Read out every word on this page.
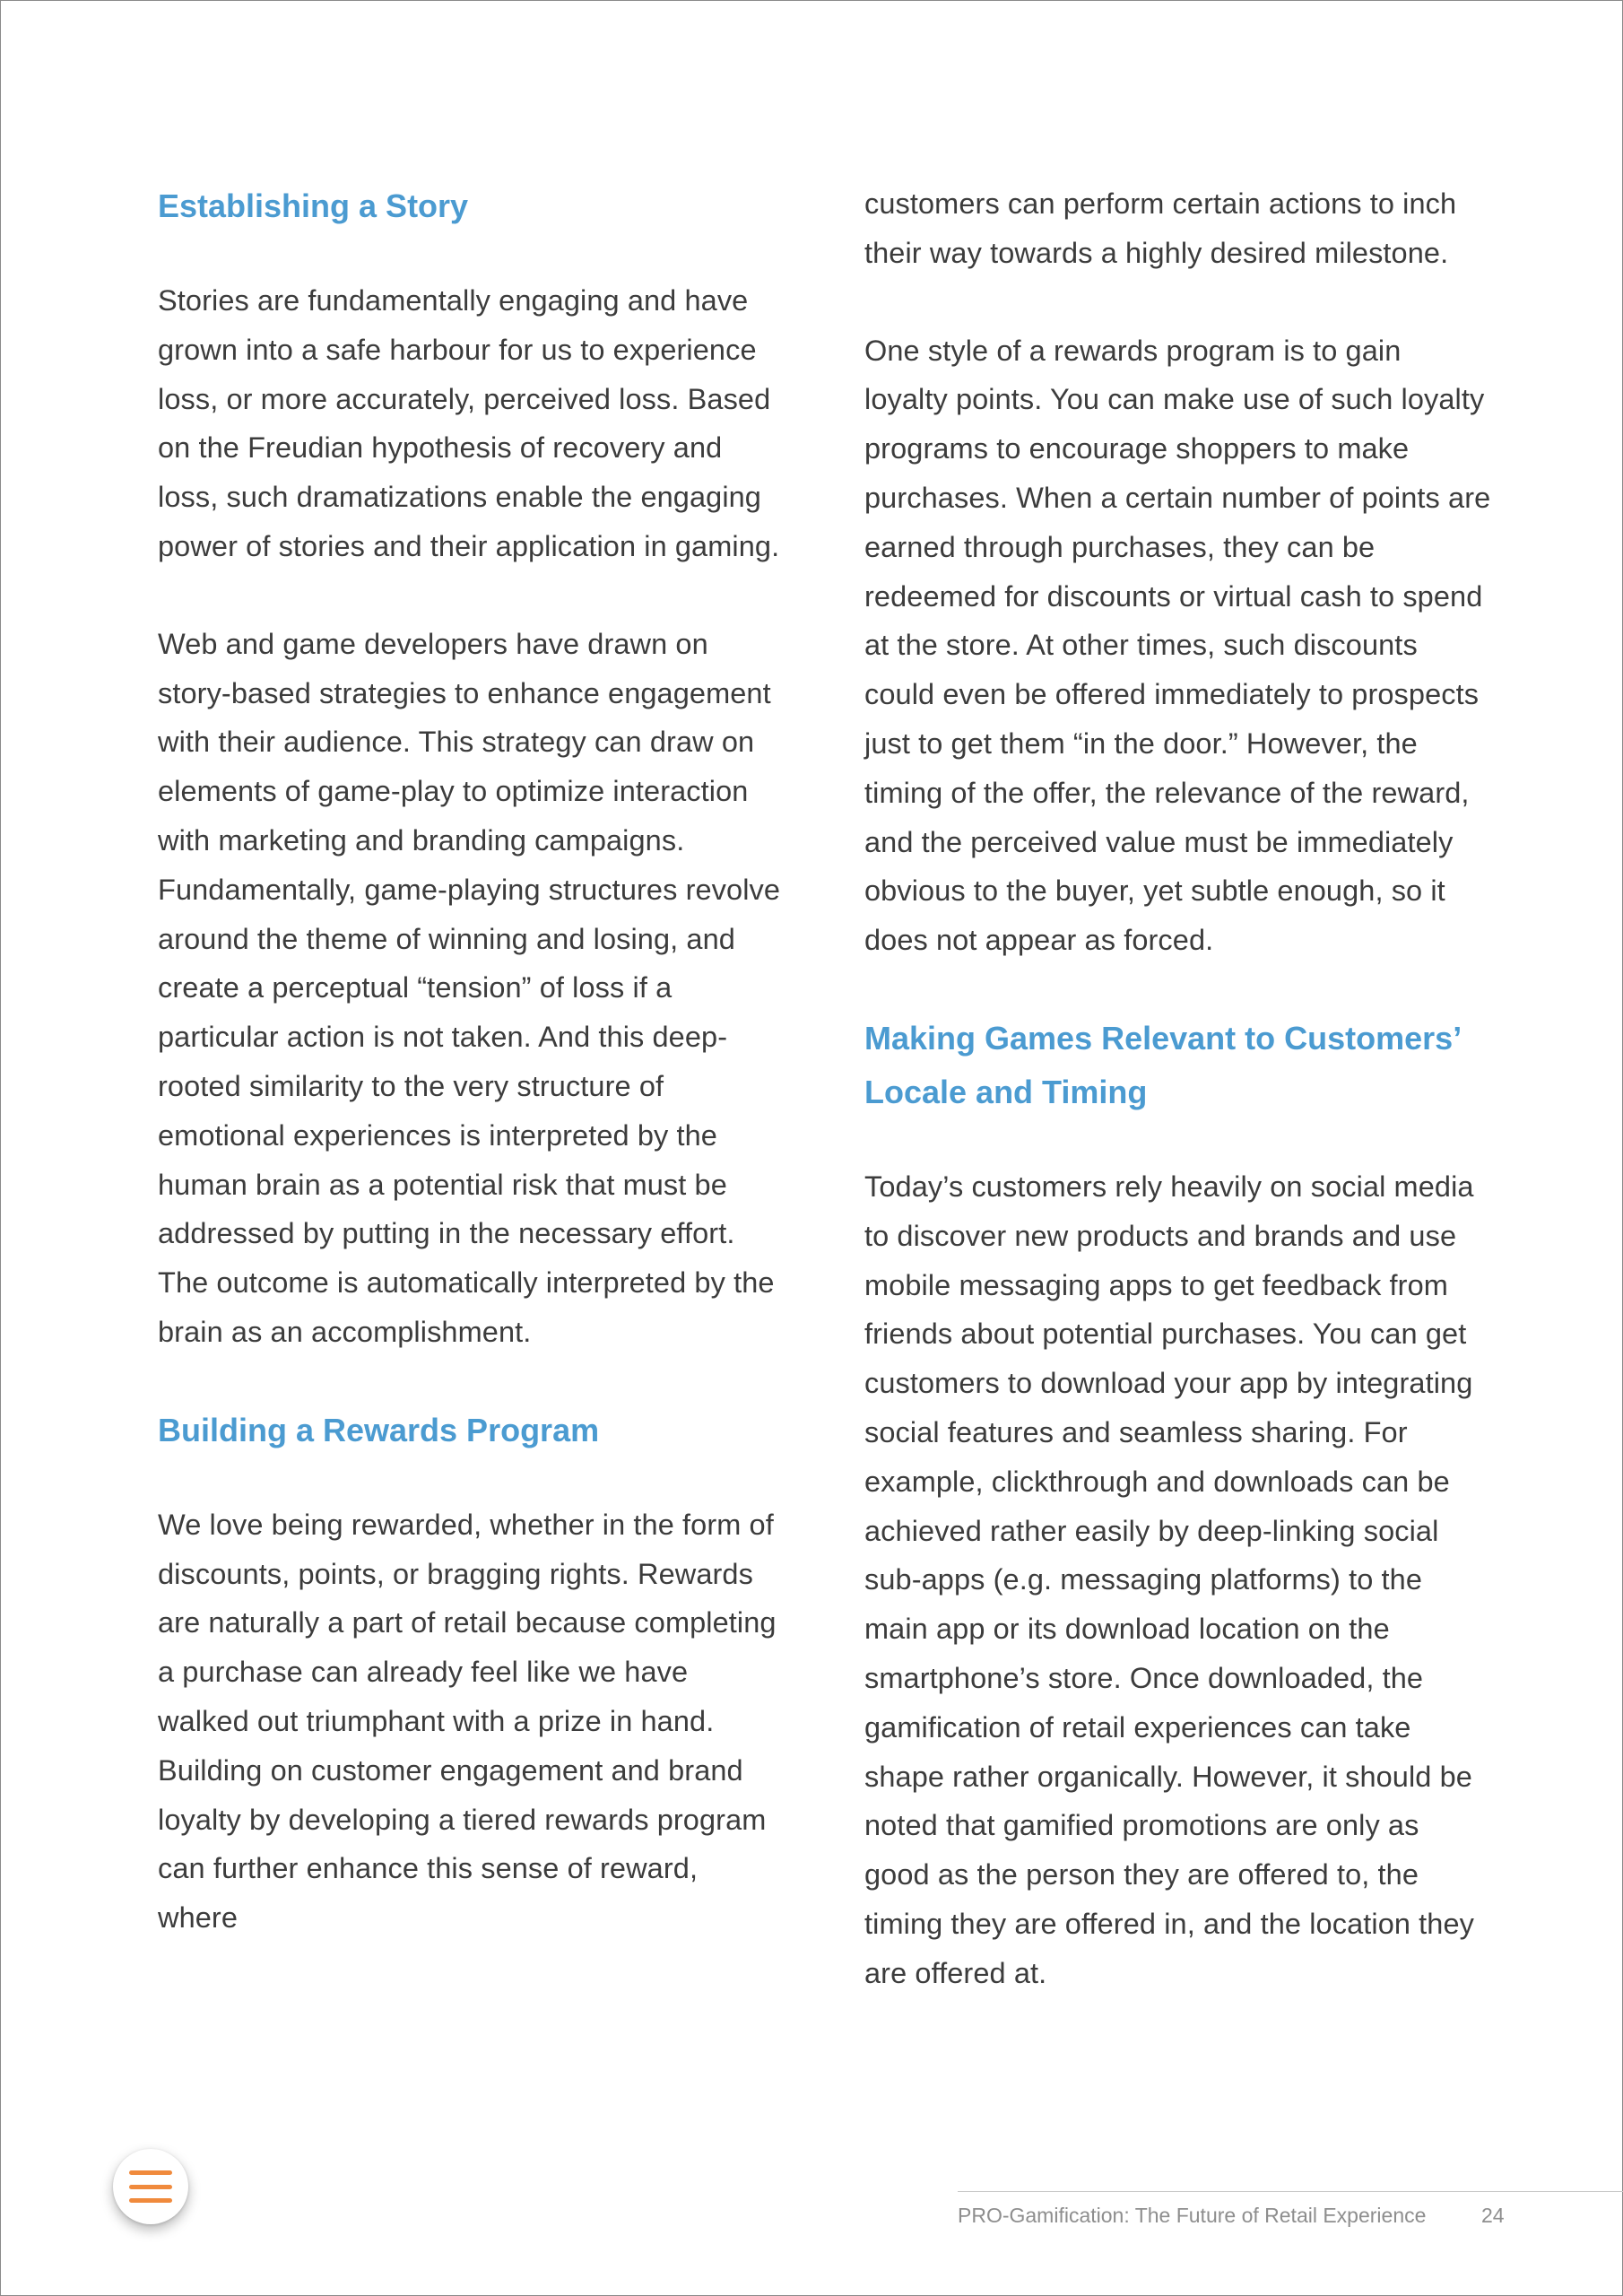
Establishing a Story

Stories are fundamentally engaging and have grown into a safe harbour for us to experience loss, or more accurately, perceived loss. Based on the Freudian hypothesis of recovery and loss, such dramatizations enable the engaging power of stories and their application in gaming.

Web and game developers have drawn on story-based strategies to enhance engagement with their audience. This strategy can draw on elements of game-play to optimize interaction with marketing and branding campaigns. Fundamentally, game-playing structures revolve around the theme of winning and losing, and create a perceptual “tension” of loss if a particular action is not taken. And this deep-rooted similarity to the very structure of emotional experiences is interpreted by the human brain as a potential risk that must be addressed by putting in the necessary effort. The outcome is automatically interpreted by the brain as an accomplishment.

Building a Rewards Program

We love being rewarded, whether in the form of discounts, points, or bragging rights. Rewards are naturally a part of retail because completing a purchase can already feel like we have walked out triumphant with a prize in hand. Building on customer engagement and brand loyalty by developing a tiered rewards program can further enhance this sense of reward, where

customers can perform certain actions to inch their way towards a highly desired milestone.

One style of a rewards program is to gain loyalty points. You can make use of such loyalty programs to encourage shoppers to make purchases. When a certain number of points are earned through purchases, they can be redeemed for discounts or virtual cash to spend at the store. At other times, such discounts could even be offered immediately to prospects just to get them “in the door.” However, the timing of the offer, the relevance of the reward, and the perceived value must be immediately obvious to the buyer, yet subtle enough, so it does not appear as forced.

Making Games Relevant to Customers’ Locale and Timing

Today’s customers rely heavily on social media to discover new products and brands and use mobile messaging apps to get feedback from friends about potential purchases. You can get customers to download your app by integrating social features and seamless sharing. For example, clickthrough and downloads can be achieved rather easily by deep-linking social sub-apps (e.g. messaging platforms) to the main app or its download location on the smartphone’s store. Once downloaded, the gamification of retail experiences can take shape rather organically. However, it should be noted that gamified promotions are only as good as the person they are offered to, the timing they are offered in, and the location they are offered at.

PRO-Gamification: The Future of Retail Experience	24
